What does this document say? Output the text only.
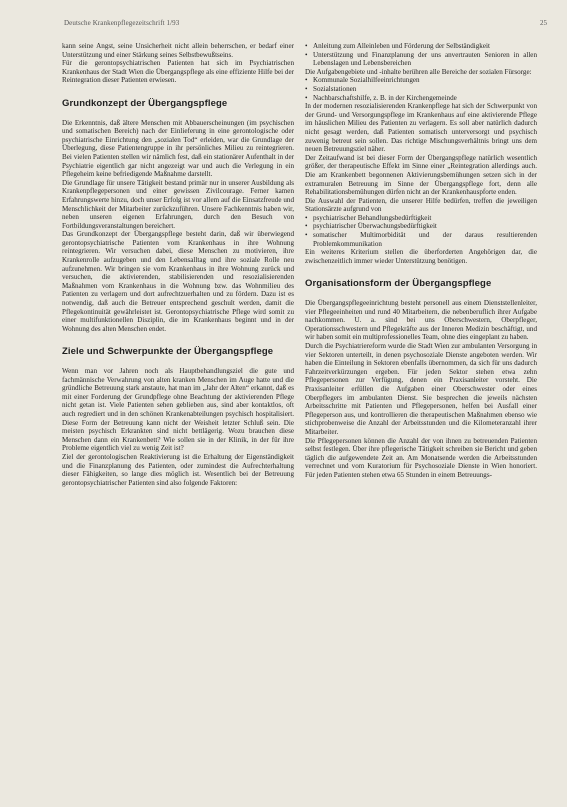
Deutsche Krankenpflegezeitschrift 1/93	25

kann seine Angst, seine Unsicherheit nicht allein beherrschen, er bedarf einer Unterstützung und einer Stärkung seines Selbstbewußtseins.

Für die gerontopsychiatrischen Patienten hat sich im Psychiatrischen Krankenhaus der Stadt Wien die Übergangspflege als eine effiziente Hilfe bei der Reintegration dieser Patienten erwiesen.

Grundkonzept der Übergangspflege

Die Erkenntnis, daß ältere Menschen mit Abbauerscheinungen (im psychischen und somatischen Bereich) nach der Einlieferung in eine gerontologische oder psychiatrische Einrichtung den „sozialen Tod“ erleiden, war die Grundlage der Überlegung, diese Patientengruppe in ihr persönliches Milieu zu reintegrieren. Bei vielen Patienten stellen wir nämlich fest, daß ein stationärer Aufenthalt in der Psychiatrie eigentlich gar nicht angezeigt war und auch die Verlegung in ein Pflegeheim keine befriedigende Maßnahme darstellt.

Die Grundlage für unsere Tätigkeit bestand primär nur in unserer Ausbildung als Krankenpflegepersonen und einer gewissen Zivilcourage. Ferner kamen Erfahrungswerte hinzu, doch unser Erfolg ist vor allem auf die Einsatzfreude und Menschlichkeit der Mitarbeiter zurückzuführen. Unsere Fachkenntnis haben wir, neben unseren eigenen Erfahrungen, durch den Besuch von Fortbildungsveranstaltungen bereichert.

Das Grundkonzept der Übergangspflege besteht darin, daß wir überwiegend gerontopsychiatrische Patienten vom Krankenhaus in ihre Wohnung reintegrieren. Wir versuchen dabei, diese Menschen zu motivieren, ihre Krankenrolle aufzugeben und den Lebensalltag und ihre soziale Rolle neu aufzunehmen. Wir bringen sie vom Krankenhaus in ihre Wohnung zurück und versuchen, die aktivierenden, stabilisierenden und resozialisierenden Maßnahmen vom Krankenhaus in die Wohnung bzw. das Wohnmilieu des Patienten zu verlagern und dort aufrechtzuerhalten und zu fördern. Dazu ist es notwendig, daß auch die Betreuer entsprechend geschult werden, damit die Pflegekontinuität gewährleistet ist. Gerontopsychiatrische Pflege wird somit zu einer multifunktionellen Disziplin, die im Krankenhaus beginnt und in der Wohnung des alten Menschen endet.

Ziele und Schwerpunkte der Übergangspflege

Wenn man vor Jahren noch als Hauptbehandlungsziel die gute und fachmännische Verwahrung von alten kranken Menschen im Auge hatte und die gründliche Betreuung stark anstaute, hat man im „Jahr der Alten“ erkannt, daß es mit einer Forderung der Grundpflege ohne Beachtung der aktivierenden Pflege nicht getan ist. Viele Patienten sehen geblieben aus, sind aber kontaktlos, oft auch regrediert und in den schönen Krankenabteilungen psychisch hospitalisiert. Diese Form der Betreuung kann nicht der Weisheit letzter Schluß sein. Die meisten psychisch Erkrankten sind nicht bettlägerig. Wozu brauchen diese Menschen dann ein Krankenbett? Wie sollen sie in der Klinik, in der für ihre Probleme eigentlich viel zu wenig Zeit ist?

Ziel der gerontologischen Reaktivierung ist die Erhaltung der Eigenständigkeit und die Finanzplanung des Patienten, oder zumindest die Aufrechterhaltung dieser Fähigkeiten, so lange dies möglich ist. Wesentlich bei der Betreuung gerontopsychiatrischer Patienten sind also folgende Faktoren:

• Anleitung zum Alleinleben und Förderung der Selbständigkeit
• Unterstützung und Finanzplanung der uns anvertrauten Senioren in allen Lebenslagen und Lebensbereichen

Die Aufgabengebiete und -inhalte berühren alle Bereiche der sozialen Fürsorge:

• Kommunale Sozialhilfeeinrichtungen
• Sozialstationen
• Nachbarschaftshilfe, z. B. in der Kirchengemeinde

In der modernen resozialisierenden Krankenpflege hat sich der Schwerpunkt von der Grund- und Versorgungspflege im Krankenhaus auf eine aktivierende Pflege im häuslichen Milieu des Patienten zu verlagern. Es soll aber natürlich dadurch nicht gesagt werden, daß Patienten somatisch unterversorgt und psychisch zuwenig betreut sein sollen. Das richtige Mischungsverhältnis bringt uns dem neuen Betreuungsziel näher.

Der Zeitaufwand ist bei dieser Form der Übergangspflege natürlich wesentlich größer, der therapeutische Effekt im Sinne einer „Reintegration allerdings auch. Die am Krankenbett begonnenen Aktivierungsbemühungen setzen sich in der extramuralen Betreuung im Sinne der Übergangspflege fort, denn alle Rehabilitationsbemühungen dürfen nicht an der Krankenhauspforte enden.

Die Auswahl der Patienten, die unserer Hilfe bedürfen, treffen die jeweiligen Stationsärzte aufgrund von

• psychiatrischer Behandlungsbedürftigkeit
• psychiatrischer Überwachungsbedürftigkeit
• somatischer Multimorbidität und der daraus resultierenden Problemkommunikation

Ein weiteres Kriterium stellen die überforderten Angehörigen dar, die zwischenzeitlich immer wieder Unterstützung benötigen.

Organisationsform der Übergangspflege

Die Übergangspflegeeinrichtung besteht personell aus einem Dienststellenleiter, vier Pflegeeinheiten und rund 40 Mitarbeitern, die nebenberuflich ihrer Aufgabe nachkommen. U. a. sind bei uns Oberschwestern, Oberpfleger, Operationsschwestern und Pflegekräfte aus der Inneren Medizin beschäftigt, und wir haben somit ein multiprofessionelles Team, ohne dies eingeplant zu haben.

Durch die Psychiatriereform wurde die Stadt Wien zur ambulanten Versorgung in vier Sektoren unterteilt, in denen psychosoziale Dienste angeboten werden. Wir haben die Einteilung in Sektoren ebenfalls übernommen, da sich für uns dadurch Fahrzeitverkürzungen ergeben. Für jeden Sektor stehen etwa zehn Pflegepersonen zur Verfügung, denen ein Praxisanleiter vorsteht. Die Praxisanleiter erfüllen die Aufgaben einer Oberschwester oder eines Oberpflegers im ambulanten Dienst. Sie besprechen die jeweils nächsten Arbeitsschritte mit Patienten und Pflegepersonen, helfen bei Ausfall einer Pflegeperson aus, und kontrollieren die therapeutischen Maßnahmen ebenso wie stichprobenweise die Anzahl der Arbeitsstunden und die Kilometeranzahl ihrer Mitarbeiter.

Die Pflegepersonen können die Anzahl der von ihnen zu betreuenden Patienten selbst festlegen. Über ihre pflegerische Tätigkeit schreiben sie Bericht und geben täglich die aufgewendete Zeit an. Am Monatsende werden die Arbeitsstunden verrechnet und vom Kuratorium für Psychosoziale Dienste in Wien honoriert. Für jeden Patienten stehen etwa 65 Stunden in einem Betreuungs-
